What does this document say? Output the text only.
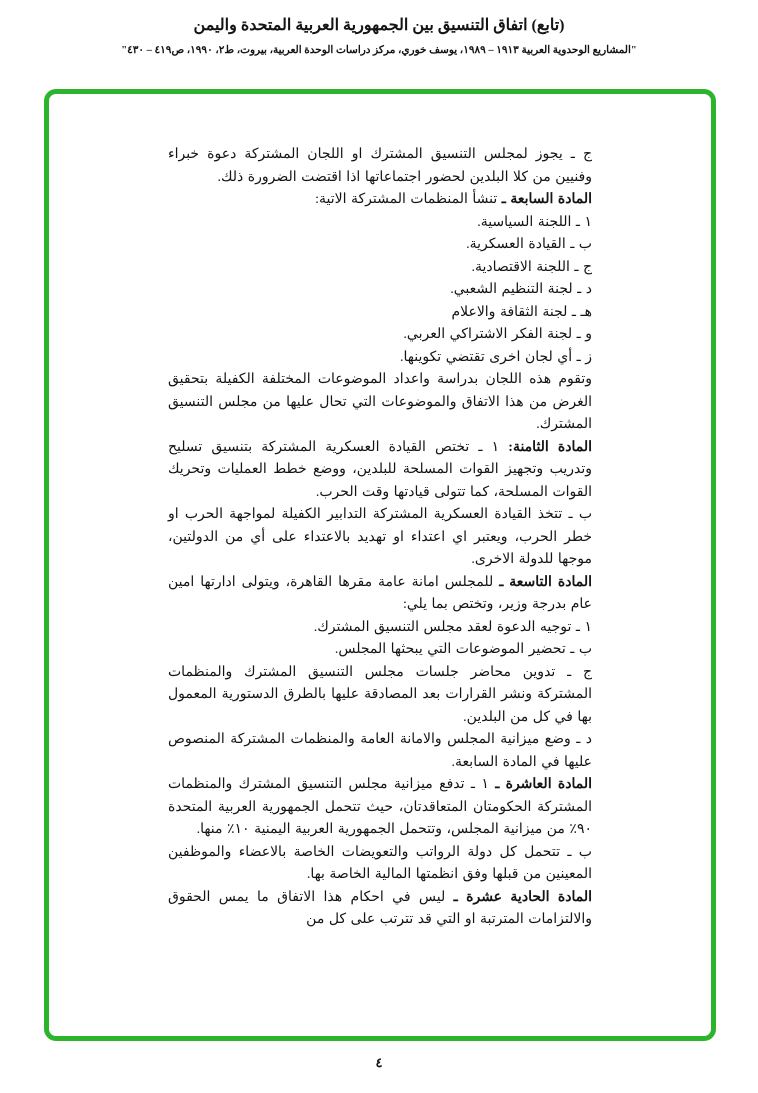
(تابع) اتفاق التنسيق بين الجمهورية العربية المتحدة واليمن
"المشاريع الوحدوية العربية ١٩١٣ – ١٩٨٩، يوسف خوري، مركز دراسات الوحدة العربية، بيروت، ط٢، ١٩٩٠، ص٤١٩ – ٤٣٠"

ج ـ يجوز لمجلس التنسيق المشترك او اللجان المشتركة دعوة خبراء وفنيين من كلا البلدين لحضور اجتماعاتها اذا اقتضت الضرورة ذلك.

المادة السابعة ـ تنشأ المنظمات المشتركة الاتية:

١ ـ اللجنة السياسية.

ب ـ القيادة العسكرية.

ج ـ اللجنة الاقتصادية.

د ـ لجنة التنظيم الشعبي.

هـ ـ لجنة الثقافة والاعلام

و ـ لجنة الفكر الاشتراكي العربي.

ز ـ أي لجان اخرى تقتضي تكوينها.

وتقوم هذه اللجان بدراسة واعداد الموضوعات المختلفة الكفيلة بتحقيق الغرض من هذا الاتفاق والموضوعات التي تحال عليها من مجلس التنسيق المشترك.

المادة الثامنة: ١ ـ تختص القيادة العسكرية المشتركة بتنسيق تسليح وتدريب وتجهيز القوات المسلحة للبلدين، ووضع خطط العمليات وتحريك القوات المسلحة، كما تتولى قيادتها وقت الحرب.

ب ـ تتخذ القيادة العسكرية المشتركة التدابير الكفيلة لمواجهة الحرب او خطر الحرب، ويعتبر اي اعتداء او تهديد بالاعتداء على أي من الدولتين، موجها للدولة الاخرى.

المادة التاسعة ـ للمجلس امانة عامة مقرها القاهرة، ويتولى ادارتها امين عام بدرجة وزير، وتختص بما يلي:

١ ـ توجيه الدعوة لعقد مجلس التنسيق المشترك.

ب ـ تحضير الموضوعات التي يبحثها المجلس.

ج ـ تدوين محاضر جلسات مجلس التنسيق المشترك والمنظمات المشتركة ونشر القرارات بعد المصادقة عليها بالطرق الدستورية المعمول بها في كل من البلدين.

د ـ وضع ميزانية المجلس والامانة العامة والمنظمات المشتركة المنصوص عليها في المادة السابعة.

المادة العاشرة ـ ١ ـ تدفع ميزانية مجلس التنسيق المشترك والمنظمات المشتركة الحكومتان المتعاقدتان، حيث تتحمل الجمهورية العربية المتحدة ٩٠٪ من ميزانية المجلس، وتتحمل الجمهورية العربية اليمنية ١٠٪ منها.

ب ـ تتحمل كل دولة الرواتب والتعويضات الخاصة بالاعضاء والموظفين المعينين من قبلها وفق انظمتها المالية الخاصة بها.

المادة الحادية عشرة ـ ليس في احكام هذا الاتفاق ما يمس الحقوق والالتزامات المترتبة او التي قد تترتب على كل من

٤
